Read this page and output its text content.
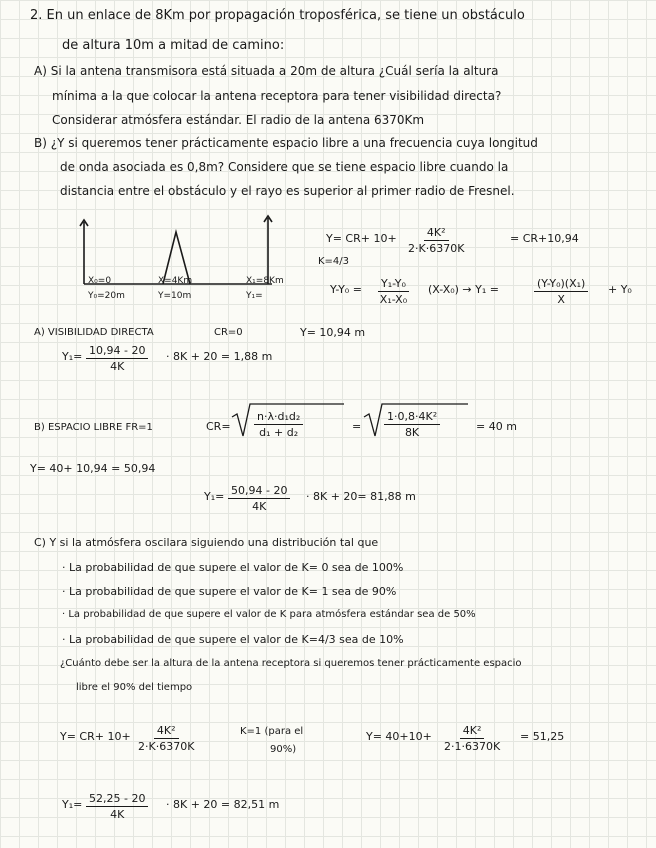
2. En un enlace de 8Km por propagación troposférica, se tiene un obstáculo
de altura 10m a mitad de camino:
A) Si la antena transmisora está situada a 20m de altura ¿Cuál sería la altura
mínima a la que colocar la antena receptora para tener visibilidad directa?
Considerar atmósfera estándar. El radio de la antena 6370Km
B) ¿Y si queremos tener prácticamente espacio libre a una frecuencia cuya longitud
de onda asociada es 0,8m? Considere que se tiene espacio libre cuando la
distancia entre el obstáculo y el rayo es superior al primer radio de Fresnel.
X₀=0
Y₀=20m
X=4Km
Y=10m
X₁=8Km
Y₁=
$Y= CR+ 10+ \frac{\text{4K²}}{2\cdot K\cdot 6370K}$	= CR+10,94
K=4/3
$Y-Y_0 = \frac{\text{Y₁-Y₀}}{\text{X₁-X₀}} (X-X_0) \to Y_1$ =	$\frac{\text{(Y-Y₀)(X₁)}}{X} + Y_0$
A) VISIBILIDAD DIRECTA	CR=0	Y= 10,94 m
$Y_1= \frac{10,94 - 20}{4K} \cdot 8K + 20 = 1,88$ m
B) ESPACIO LIBRE FR=1	$CR= \frac{\text{n·λ·d₁d₂}}{\text{d₁ + d₂}}$	= $\frac{\text{1·0,8·4K²}}{8K}$	= 40 m
Y= 40+ 10,94 = 50,94
$Y_1= \frac{50,94 - 20}{4K} \cdot 8K + 20= 81,88$ m
C) Y si la atmósfera oscilara siguiendo una distribución tal que
· La probabilidad de que supere el valor de K= 0 sea de 100%
· La probabilidad de que supere el valor de K= 1 sea de 90%
· La probabilidad de que supere el valor de K para atmósfera estándar sea de 50%
· La probabilidad de que supere el valor de K=4/3 sea de 10%
¿Cuánto debe ser la altura de la antena receptora si queremos tener prácticamente espacio
libre el 90% del tiempo
$Y= CR+ 10+ \frac{\text{4K²}}{2\cdot K\cdot 6370K}$	K=1 (para el
90%)
$Y= 40+10+ \frac{\text{4K²}}{2\cdot 1\cdot 6370K} = 51,25$
$Y_1= \frac{52,25 - 20}{4K} \cdot 8K + 20 = 82,51$ m
